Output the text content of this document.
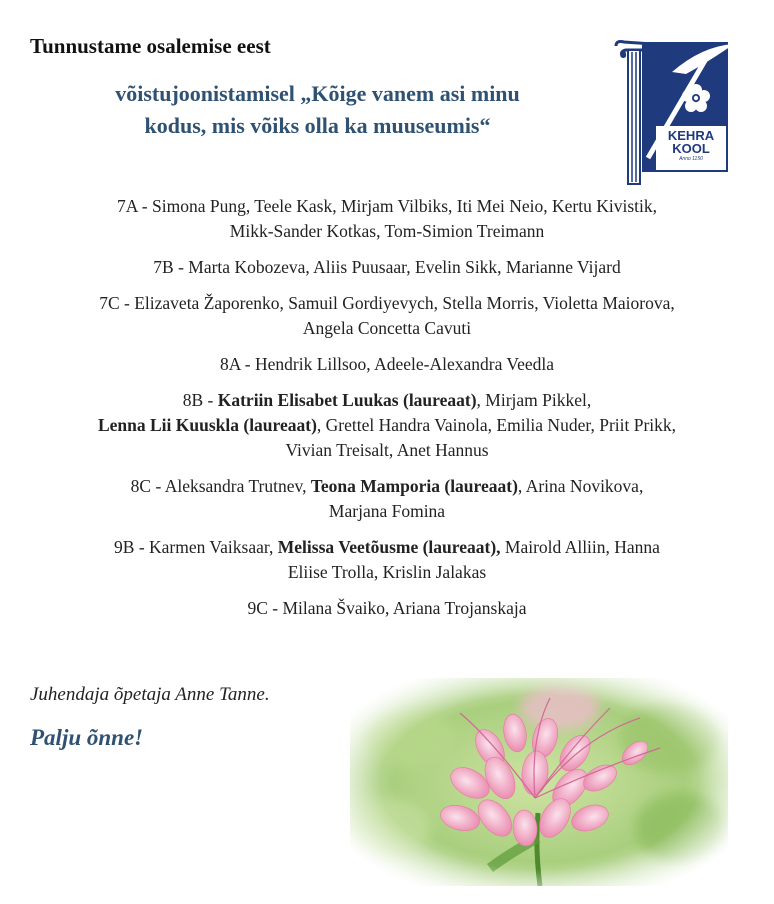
Tunnustame osalemise eest
võistujoonistamisel „Kõige vanem asi minu
kodus, mis võiks olla ka muuseumis“	KEHRA
KOOL
Anno 1150
7A - Simona Pung, Teele Kask, Mirjam Vilbiks, Iti Mei Neio, Kertu Kivistik,
Mikk-Sander Kotkas, Tom-Simion Treimann
7B - Marta Kobozeva, Aliis Puusaar, Evelin Sikk, Marianne Vijard
7C - Elizaveta Žaporenko, Samuil Gordiyevych, Stella Morris, Violetta Maiorova,
Angela Concetta Cavuti
8A - Hendrik Lillsoo, Adeele-Alexandra Veedla
8B - Katriin Elisabet Luukas (laureaat), Mirjam Pikkel,
Lenna Lii Kuuskla (laureaat), Grettel Handra Vainola, Emilia Nuder, Priit Prikk,
Vivian Treisalt, Anet Hannus
8C - Aleksandra Trutnev, Teona Mamporia (laureaat), Arina Novikova,
Marjana Fomina
9B - Karmen Vaiksaar, Melissa Veetõusme (laureaat), Mairold Alliin, Hanna
Eliise Trolla, Krislin Jalakas
9C - Milana Švaiko, Ariana Trojanskaja
Juhendaja õpetaja Anne Tanne.
Palju õnne!
